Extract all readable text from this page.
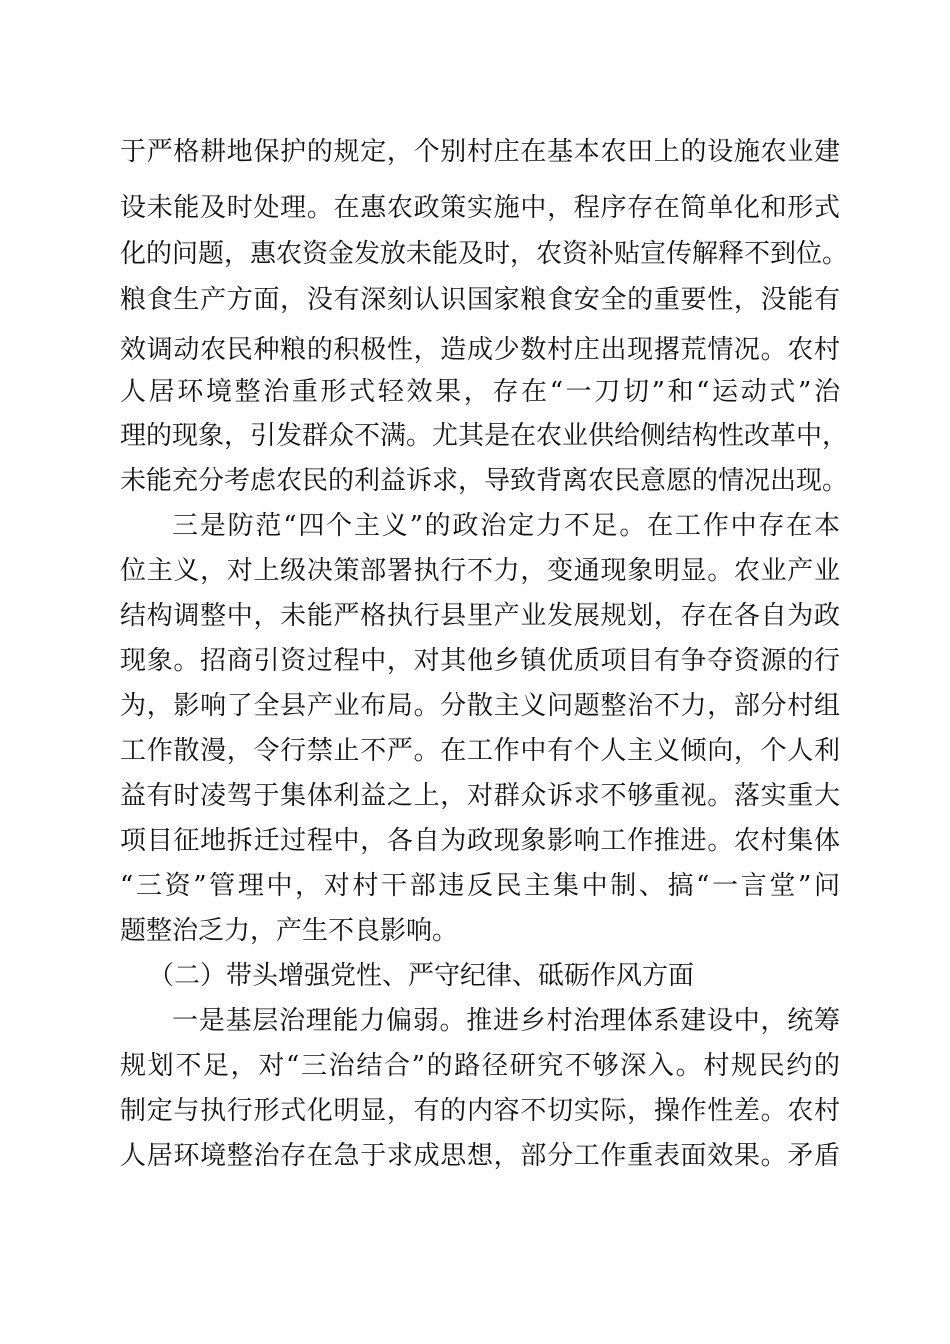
于严格耕地保护的规定，个别村庄在基本农田上的设施农业建

设未能及时处理。在惠农政策实施中，程序存在简单化和形式

化的问题，惠农资金发放未能及时，农资补贴宣传解释不到位。

粮食生产方面，没有深刻认识国家粮食安全的重要性，没能有

效调动农民种粮的积极性，造成少数村庄出现撂荒情况。农村

人居环境整治重形式轻效果，存在“一刀切”和“运动式”治

理的现象，引发群众不满。尤其是在农业供给侧结构性改革中，

未能充分考虑农民的利益诉求，导致背离农民意愿的情况出现。

三是防范“四个主义”的政治定力不足。在工作中存在本

位主义，对上级决策部署执行不力，变通现象明显。农业产业

结构调整中，未能严格执行县里产业发展规划，存在各自为政

现象。招商引资过程中，对其他乡镇优质项目有争夺资源的行

为，影响了全县产业布局。分散主义问题整治不力，部分村组

工作散漫，令行禁止不严。在工作中有个人主义倾向，个人利

益有时凌驾于集体利益之上，对群众诉求不够重视。落实重大

项目征地拆迁过程中，各自为政现象影响工作推进。农村集体

“三资”管理中，对村干部违反民主集中制、搞“一言堂”问

题整治乏力，产生不良影响。

（二）带头增强党性、严守纪律、砥砺作风方面

一是基层治理能力偏弱。推进乡村治理体系建设中，统筹

规划不足，对“三治结合”的路径研究不够深入。村规民约的

制定与执行形式化明显，有的内容不切实际，操作性差。农村

人居环境整治存在急于求成思想，部分工作重表面效果。矛盾
